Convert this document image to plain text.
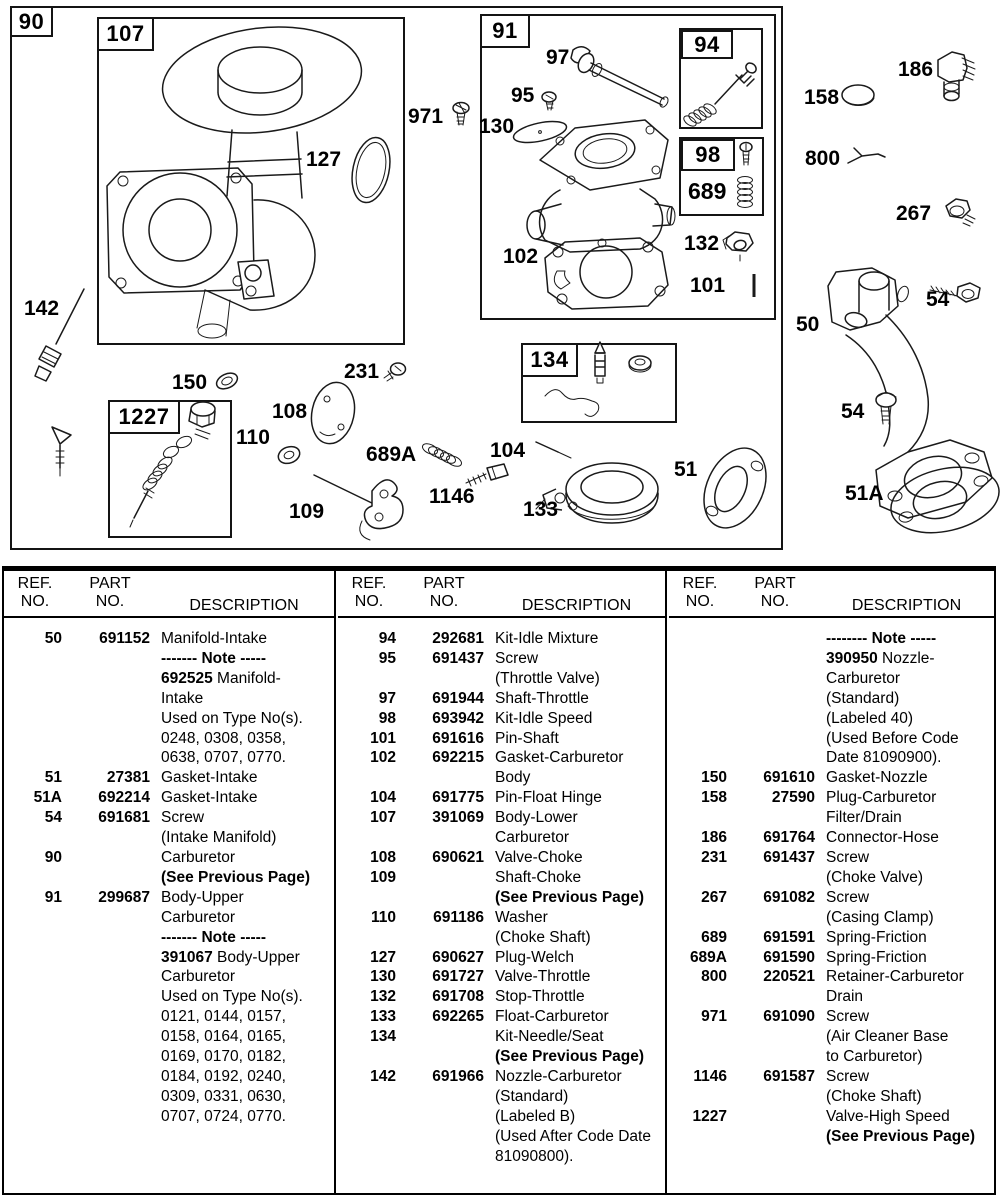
90	107	91
94
98
689
1227
134
127
971
97
95
130
102
132
101
158
186
800
267
54
50
54
51A
142
150	231
108
110
689A	104
1146
109	133
51
REF.
NO.
PART
NO.	DESCRIPTION
50	691152 Manifold-Intake
------- Note -----
692525 Manifold-
Intake
Used on Type No(s).
0248, 0308, 0358,
0638, 0707, 0770.
51	27381 Gasket-Intake
51A	692214 Gasket-Intake
54	691681 Screw
(Intake Manifold)
90	Carburetor
(See Previous Page)
91	299687 Body-Upper
Carburetor
------- Note -----
391067 Body-Upper
Carburetor
Used on Type No(s).
0121, 0144, 0157,
0158, 0164, 0165,
0169, 0170, 0182,
0184, 0192, 0240,
0309, 0331, 0630,
0707, 0724, 0770.
REF.
NO.
PART
NO.	DESCRIPTION
94	292681 Kit-Idle Mixture
95	691437 Screw
(Throttle Valve)
97	691944 Shaft-Throttle
98	693942 Kit-Idle Speed
101	691616 Pin-Shaft
102	692215 Gasket-Carburetor
Body
104	691775 Pin-Float Hinge
107	391069 Body-Lower
Carburetor
108	690621 Valve-Choke
109	Shaft-Choke
(See Previous Page)
110	691186 Washer
(Choke Shaft)
127	690627 Plug-Welch
130	691727 Valve-Throttle
132	691708 Stop-Throttle
133	692265 Float-Carburetor
134	Kit-Needle/Seat
(See Previous Page)
142	691966 Nozzle-Carburetor
(Standard)
(Labeled B)
(Used After Code Date
81090800).
REF.
NO.
PART
NO.	DESCRIPTION
-------- Note -----
390950 Nozzle-
Carburetor
(Standard)
(Labeled 40)
(Used Before Code
Date 81090900).
150	691610 Gasket-Nozzle
158	27590 Plug-Carburetor
Filter/Drain
186	691764 Connector-Hose
231	691437 Screw
(Choke Valve)
267	691082 Screw
(Casing Clamp)
689	691591 Spring-Friction
689A	691590 Spring-Friction
800	220521 Retainer-Carburetor
Drain
971	691090 Screw
(Air Cleaner Base
to Carburetor)
1146	691587 Screw
(Choke Shaft)
1227	Valve-High Speed
(See Previous Page)
